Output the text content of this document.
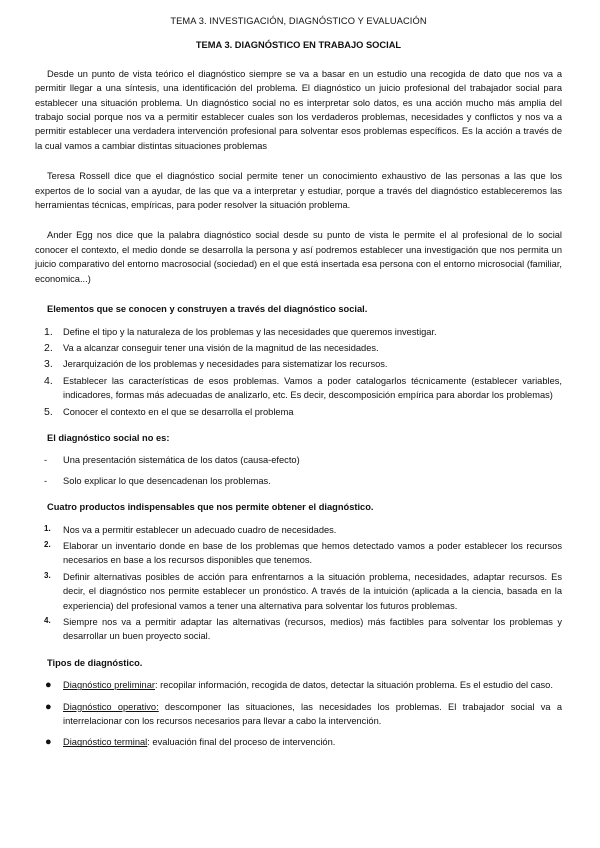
TEMA 3. INVESTIGACIÓN, DIAGNÓSTICO Y EVALUACIÓN
TEMA 3. DIAGNÓSTICO EN TRABAJO SOCIAL

Desde un punto de vista teórico el diagnóstico siempre se va a basar en un estudio una recogida de dato que nos va a permitir llegar a una síntesis, una identificación del problema. El diagnóstico un juicio profesional del trabajador social para establecer una situación problema. Un diagnóstico social no es interpretar solo datos, es una acción mucho más amplia del trabajo social porque nos va a permitir establecer cuales son los verdaderos problemas, necesidades y conflictos y nos va a permitir establecer una verdadera intervención profesional para solventar esos problemas específicos. Es la acción a través de la cual vamos a cambiar distintas situaciones problemas

Teresa Rossell dice que el diagnóstico social permite tener un conocimiento exhaustivo de las personas a las que los expertos de lo social van a ayudar, de las que va a interpretar y estudiar, porque a través del diagnóstico estableceremos las herramientas técnicas, empíricas, para poder resolver la situación problema.

Ander Egg nos dice que la palabra diagnóstico social desde su punto de vista le permite el al profesional de lo social conocer el contexto, el medio donde se desarrolla la persona y así podremos establecer una investigación que nos permita un juicio comparativo del entorno macrosocial (sociedad) en el que está insertada esa persona con el entorno microsocial (familiar, economica...)

Elementos que se conocen y construyen a través del diagnóstico social.
1. Define el tipo y la naturaleza de los problemas y las necesidades que queremos investigar.
2. Va a alcanzar conseguir tener una visión de la magnitud de las necesidades.
3. Jerarquización de los problemas y necesidades para sistematizar los recursos.
4. Establecer las características de esos problemas. Vamos a poder catalogarlos técnicamente (establecer variables, indicadores, formas más adecuadas de analizarlo, etc. Es decir, descomposición empírica para abordar los problemas)
5. Conocer el contexto en el que se desarrolla el problema
El diagnóstico social no es:
- Una presentación sistemática de los datos (causa-efecto)
- Solo explicar lo que desencadenan los problemas.
Cuatro productos indispensables que nos permite obtener el diagnóstico.
1. Nos va a permitir establecer un adecuado cuadro de necesidades.
2. Elaborar un inventario donde en base de los problemas que hemos detectado vamos a poder establecer los recursos necesarios en base a los recursos disponibles que tenemos.
3. Definir alternativas posibles de acción para enfrentarnos a la situación problema, necesidades, adaptar recursos. Es decir, el diagnóstico nos permite establecer un pronóstico. A través de la intuición (aplicada a la ciencia, basada en la experiencia) del profesional vamos a tener una alternativa para solventar los futuros problemas.
4. Siempre nos va a permitir adaptar las alternativas (recursos, medios) más factibles para solventar los problemas y desarrollar un buen proyecto social.
Tipos de diagnóstico.
● Diagnóstico preliminar: recopilar información, recogida de datos, detectar la situación problema. Es el estudio del caso.
● Diagnóstico operativo: descomponer las situaciones, las necesidades los problemas. El trabajador social va a interrelacionar con los recursos necesarios para llevar a cabo la intervención.
● Diagnóstico terminal: evaluación final del proceso de intervención.
